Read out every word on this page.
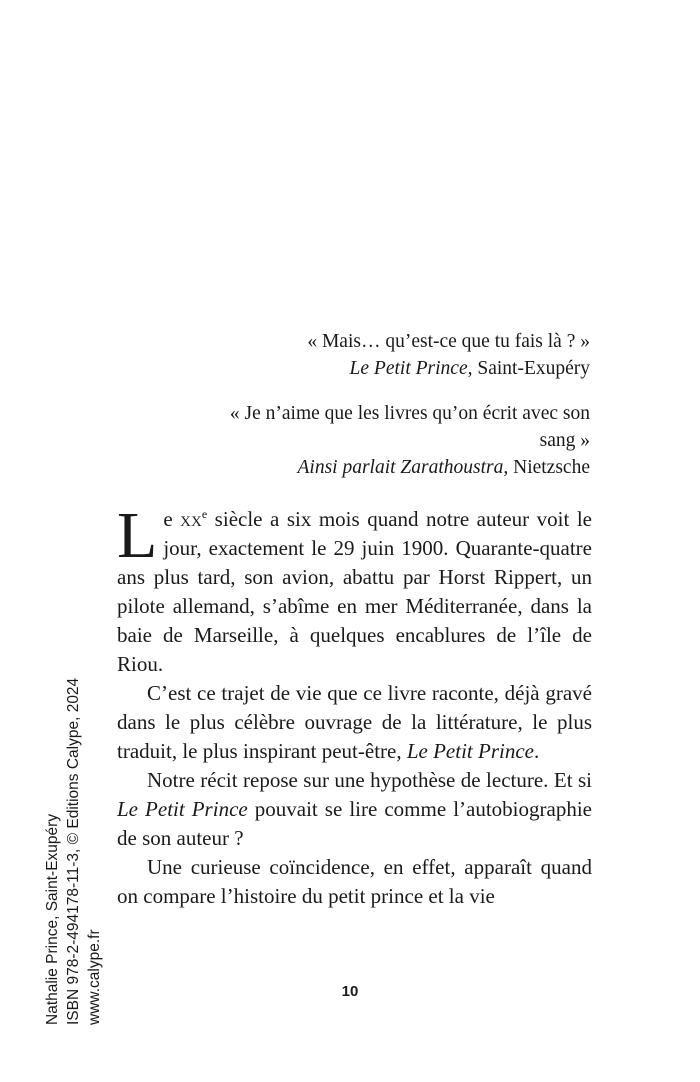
« Mais… qu’est-ce que tu fais là ? »

Le Petit Prince, Saint-Exupéry

« Je n’aime que les livres qu’on écrit avec son sang »

Ainsi parlait Zarathoustra, Nietzsche

Le $xx^e$ siècle a six mois quand notre auteur voit le jour, exactement le 29 juin 1900. Quarante-quatre ans plus tard, son avion, abattu par Horst Rippert, un pilote allemand, s’abîme en mer Méditerranée, dans la baie de Marseille, à quelques encablures de l’île de Riou.

C’est ce trajet de vie que ce livre raconte, déjà gravé dans le plus célèbre ouvrage de la littérature, le plus traduit, le plus inspirant peut-être, Le Petit Prince.

Notre récit repose sur une hypothèse de lecture. Et si Le Petit Prince pouvait se lire comme l’autobiographie de son auteur ?

Une curieuse coïncidence, en effet, apparaît quand on compare l’histoire du petit prince et la vie

10
Nathalie Prince, Saint-Exupéry ISBN 978-2-494178-11-3, © Editions Calype, 2024 www.calype.fr
